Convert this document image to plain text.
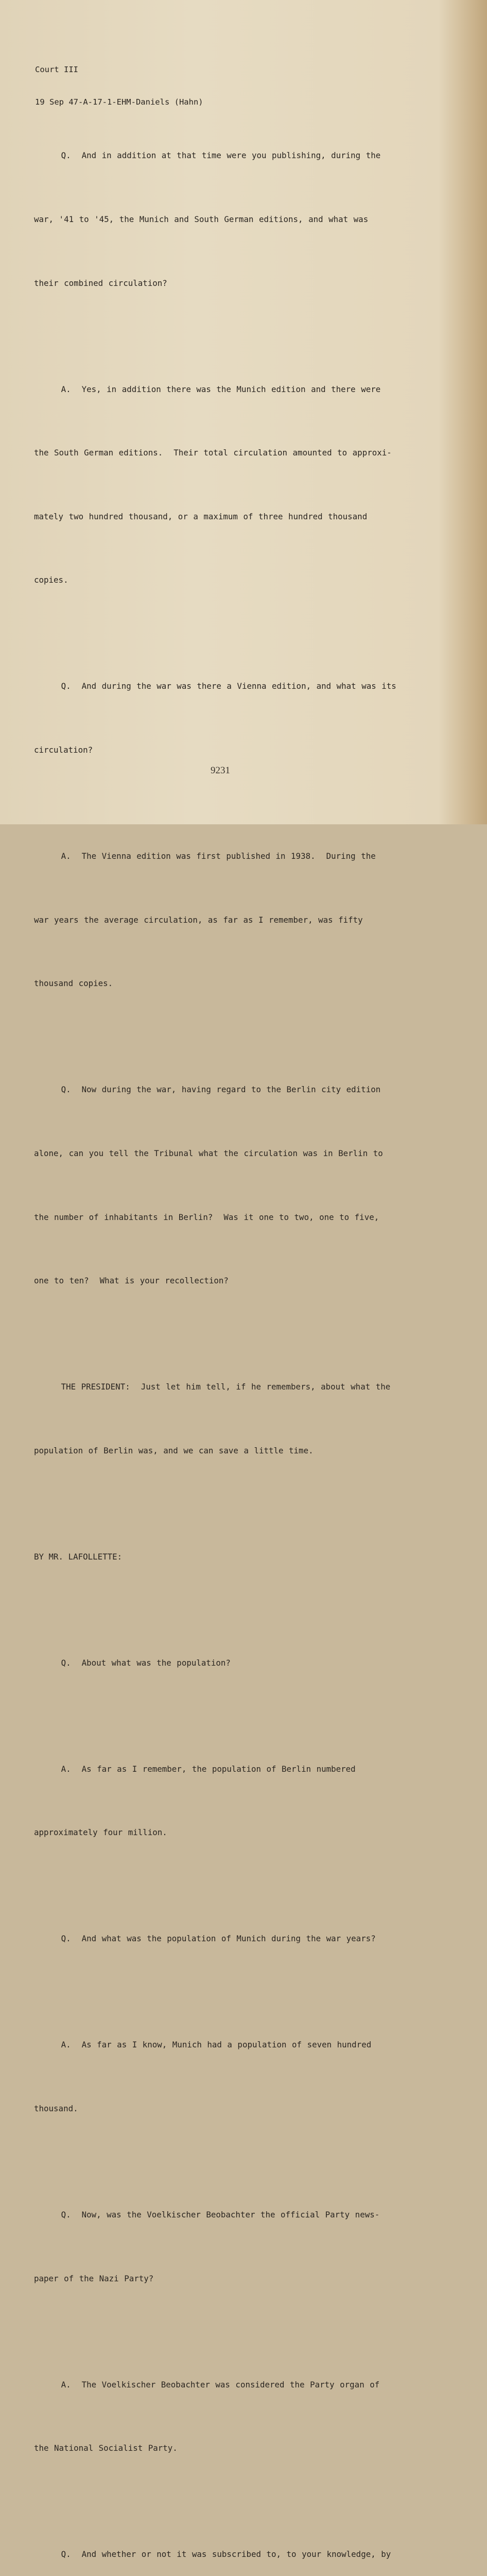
Court III

19 Sep 47-A-17-1-EHM-Daniels (Hahn)

Q.  And in addition at that time were you publishing, during the

war, '41 to '45, the Munich and South German editions, and what was

their combined circulation?

A.  Yes, in addition there was the Munich edition and there were

the South German editions.  Their total circulation amounted to approxi-

mately two hundred thousand, or a maximum of three hundred thousand

copies.

Q.  And during the war was there a Vienna edition, and what was its

circulation?

A.  The Vienna edition was first published in 1938.  During the

war years the average circulation, as far as I remember, was fifty

thousand copies.

Q.  Now during the war, having regard to the Berlin city edition

alone, can you tell the Tribunal what the circulation was in Berlin to

the number of inhabitants in Berlin?  Was it one to two, one to five,

one to ten?  What is your recollection?

THE PRESIDENT:  Just let him tell, if he remembers, about what the

population of Berlin was, and we can save a little time.

BY MR. LAFOLLETTE:

Q.  About what was the population?

A.  As far as I remember, the population of Berlin numbered

approximately four million.

Q.  And what was the population of Munich during the war years?

A.  As far as I know, Munich had a population of seven hundred

thousand.

Q.  Now, was the Voelkischer Beobachter the official Party news-

paper of the Nazi Party?

A.  The Voelkischer Beobachter was considered the Party organ of

the National Socialist Party.

Q.  And whether or not it was subscribed to, to your knowledge, by

9231
